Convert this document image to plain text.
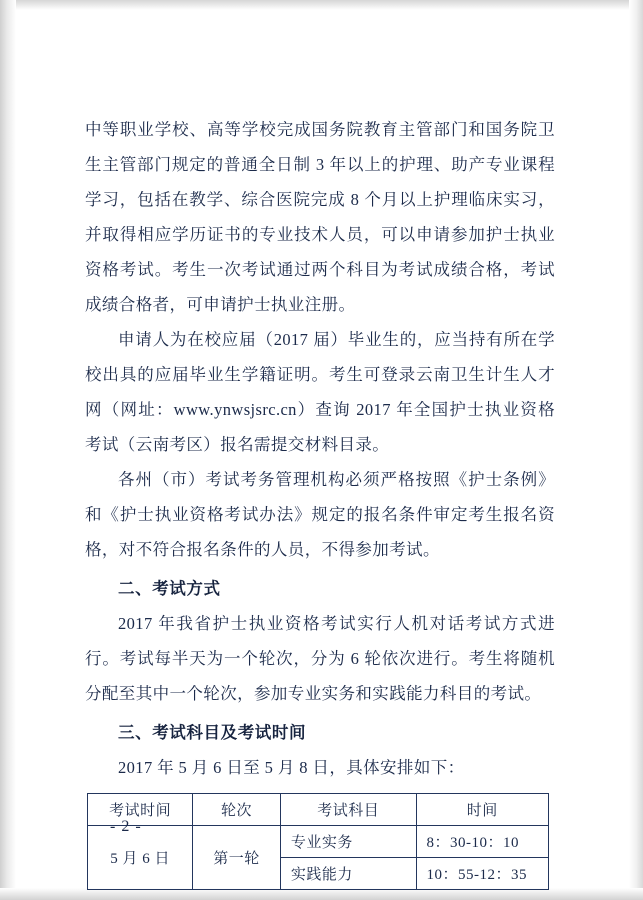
中等职业学校、高等学校完成国务院教育主管部门和国务院卫生主管部门规定的普通全日制 3 年以上的护理、助产专业课程学习，包括在教学、综合医院完成 8 个月以上护理临床实习，并取得相应学历证书的专业技术人员，可以申请参加护士执业资格考试。考生一次考试通过两个科目为考试成绩合格，考试成绩合格者，可申请护士执业注册。

申请人为在校应届（2017 届）毕业生的，应当持有所在学校出具的应届毕业生学籍证明。考生可登录云南卫生计生人才网（网址：www.ynwsjsrc.cn）查询 2017 年全国护士执业资格考试（云南考区）报名需提交材料目录。

各州（市）考试考务管理机构必须严格按照《护士条例》和《护士执业资格考试办法》规定的报名条件审定考生报名资格，对不符合报名条件的人员，不得参加考试。

二、考试方式

2017 年我省护士执业资格考试实行人机对话考试方式进行。考试每半天为一个轮次，分为 6 轮依次进行。考生将随机分配至其中一个轮次，参加专业实务和实践能力科目的考试。

三、考试科目及考试时间

2017 年 5 月 6 日至 5 月 8 日，具体安排如下：

考试时间	轮次	考试科目	时间
5 月 6 日	第一轮	专业实务	8：30-10：10
		实践能力	10：55-12：35
- 2 -
